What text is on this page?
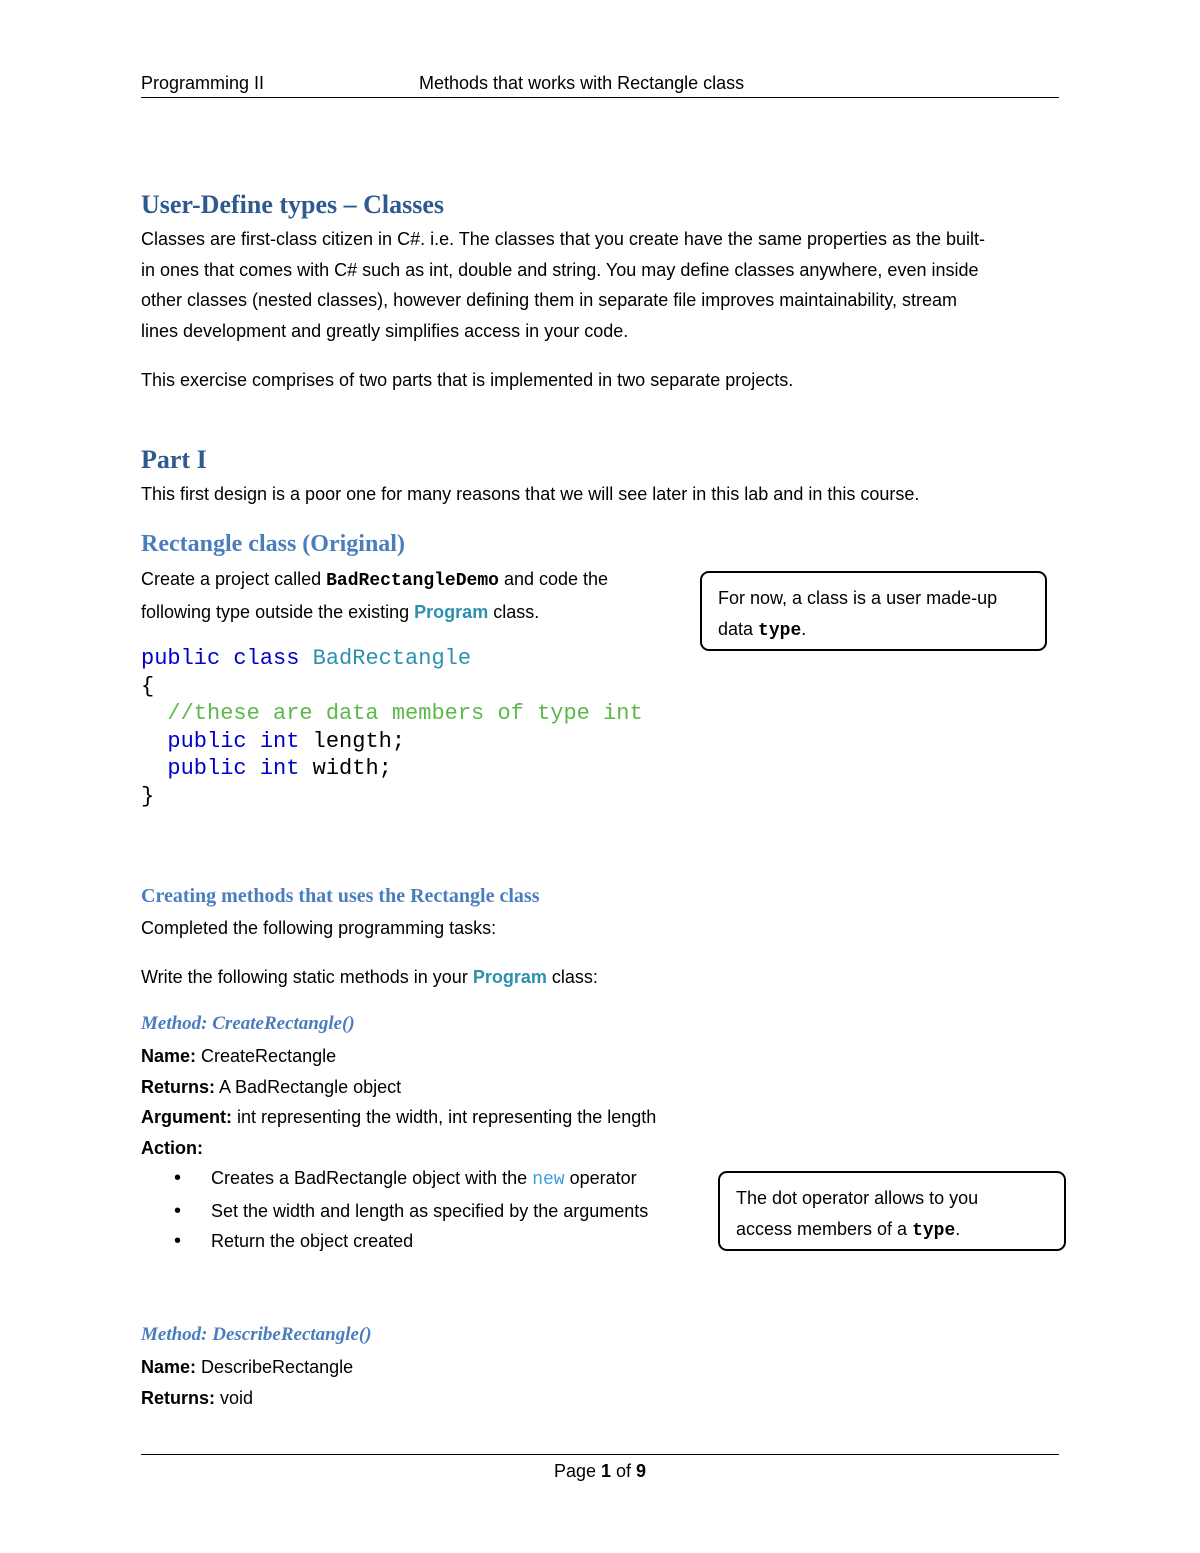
Programming II	Methods that works with Rectangle class
User-Define types – Classes
Classes are first-class citizen in C#. i.e. The classes that you create have the same properties as the built-
in ones that comes with C# such as int, double and string. You may define classes anywhere, even inside
other classes (nested classes), however defining them in separate file improves maintainability, stream
lines development and greatly simplifies access in your code.
This exercise comprises of two parts that is implemented in two separate projects.
Part I
This first design is a poor one for many reasons that we will see later in this lab and in this course.
Rectangle class (Original)
Create a project called BadRectangleDemo and code the
following type outside the existing Program class.
For now, a class is a user made-up
data type.
public class BadRectangle
{
//these are data members of type int
public int length;
public int width;
}
Creating methods that uses the Rectangle class
Completed the following programming tasks:
Write the following static methods in your Program class:
Method: CreateRectangle()
Name: CreateRectangle
Returns: A BadRectangle object
Argument: int representing the width, int representing the length
Action:
• Creates a BadRectangle object with the new operator
• Set the width and length as specified by the arguments
• Return the object created
The dot operator allows to you
access members of a type.
Method: DescribeRectangle()
Name: DescribeRectangle
Returns: void
Page 1 of 9
